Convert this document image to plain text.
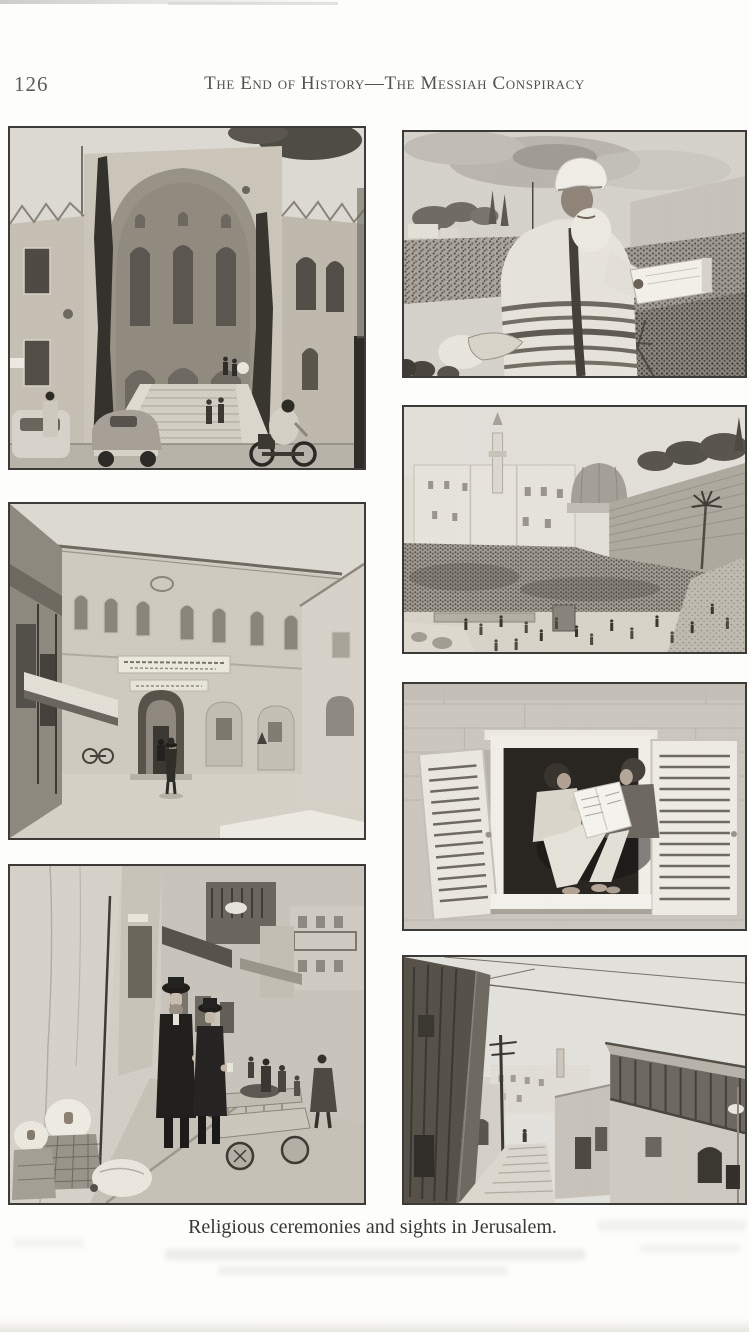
126	The End of History—The Messiah Conspiracy
Religious ceremonies and sights in Jerusalem.
